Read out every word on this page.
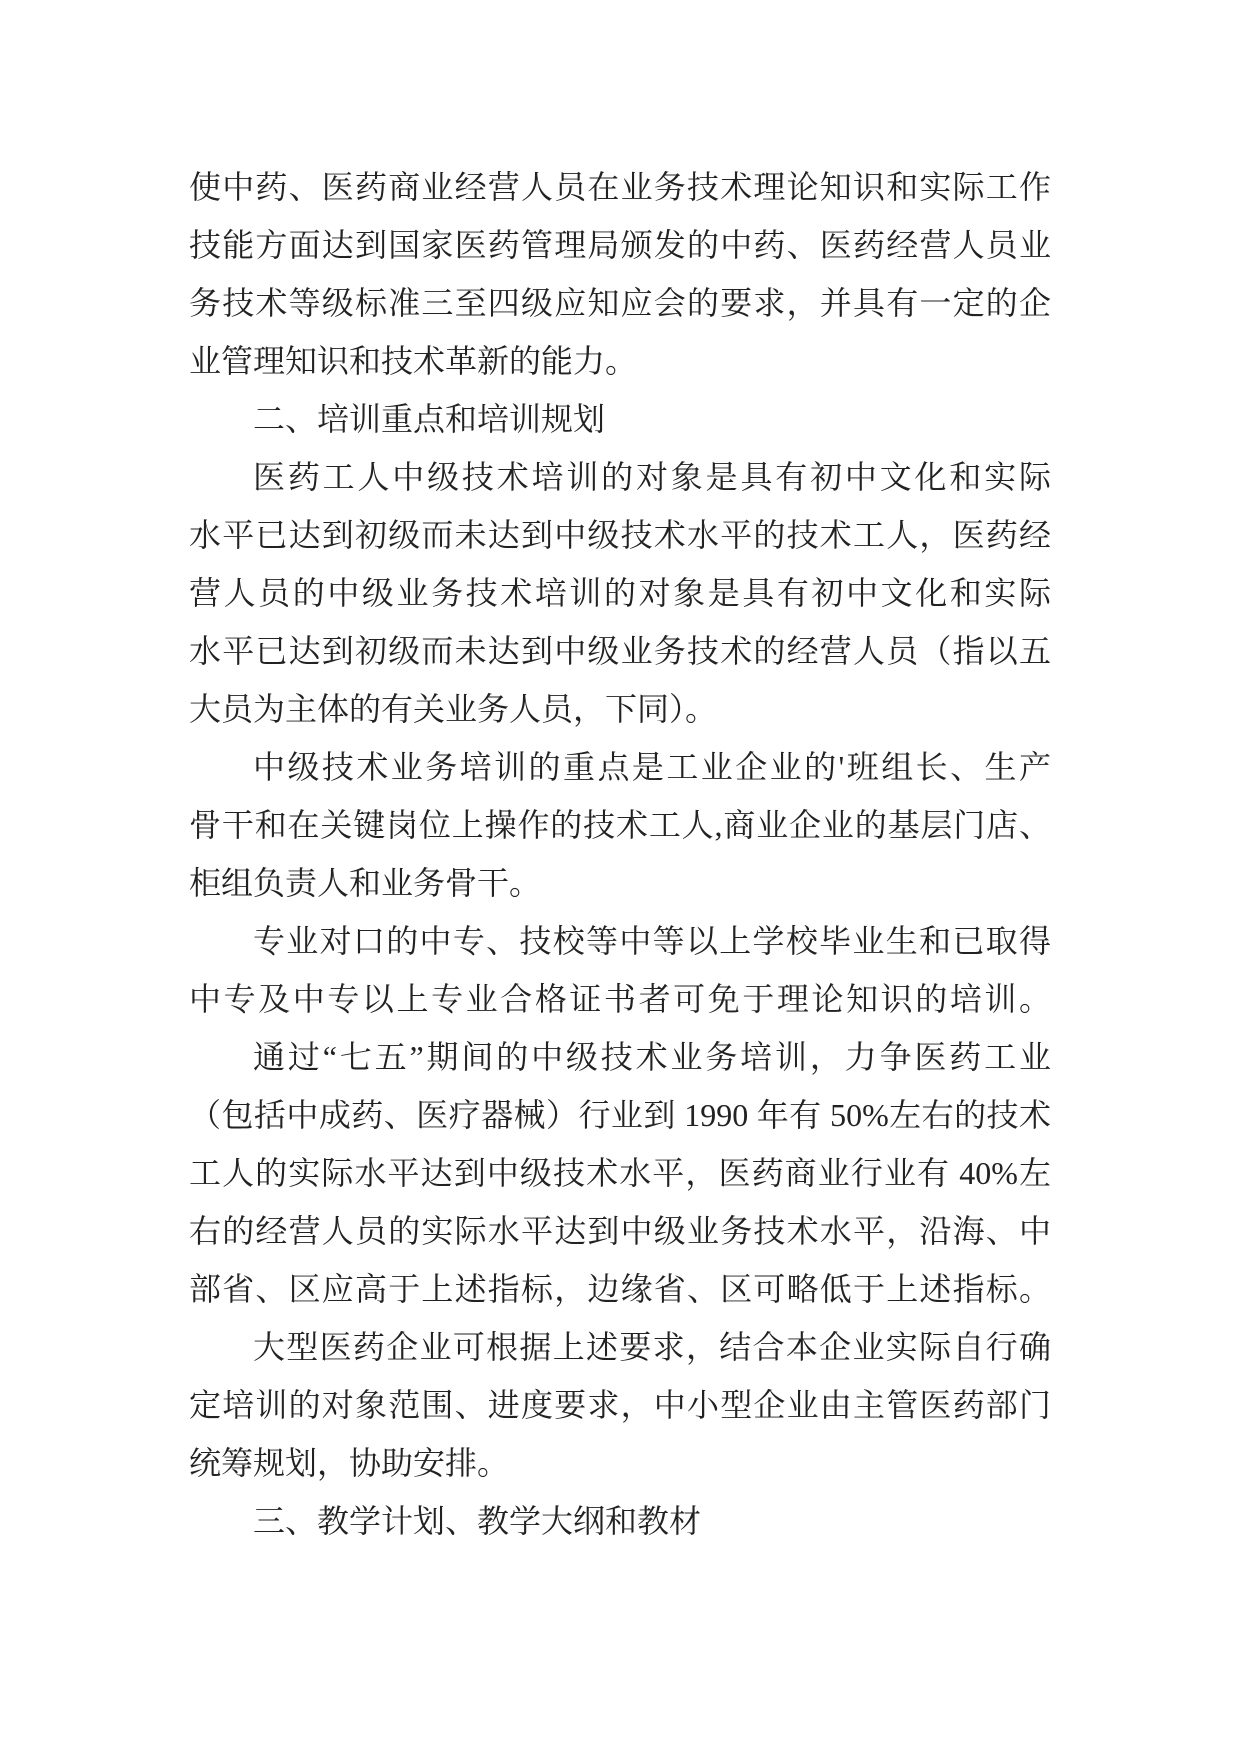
使中药、医药商业经营人员在业务技术理论知识和实际工作
技能方面达到国家医药管理局颁发的中药、医药经营人员业
务技术等级标准三至四级应知应会的要求，并具有一定的企
业管理知识和技术革新的能力。
二、培训重点和培训规划
医药工人中级技术培训的对象是具有初中文化和实际
水平已达到初级而未达到中级技术水平的技术工人，医药经
营人员的中级业务技术培训的对象是具有初中文化和实际
水平已达到初级而未达到中级业务技术的经营人员（指以五
大员为主体的有关业务人员，下同）。
中级技术业务培训的重点是工业企业的'班组长、生产
骨干和在关键岗位上操作的技术工人,商业企业的基层门店、
柜组负责人和业务骨干。
专业对口的中专、技校等中等以上学校毕业生和已取得
中专及中专以上专业合格证书者可免于理论知识的培训。
通过“七五”期间的中级技术业务培训，力争医药工业
（包括中成药、医疗器械）行业到 1990 年有 50%左右的技术
工人的实际水平达到中级技术水平，医药商业行业有 40%左
右的经营人员的实际水平达到中级业务技术水平，沿海、中
部省、区应高于上述指标，边缘省、区可略低于上述指标。
大型医药企业可根据上述要求，结合本企业实际自行确
定培训的对象范围、进度要求，中小型企业由主管医药部门
统筹规划，协助安排。
三、教学计划、教学大纲和教材
